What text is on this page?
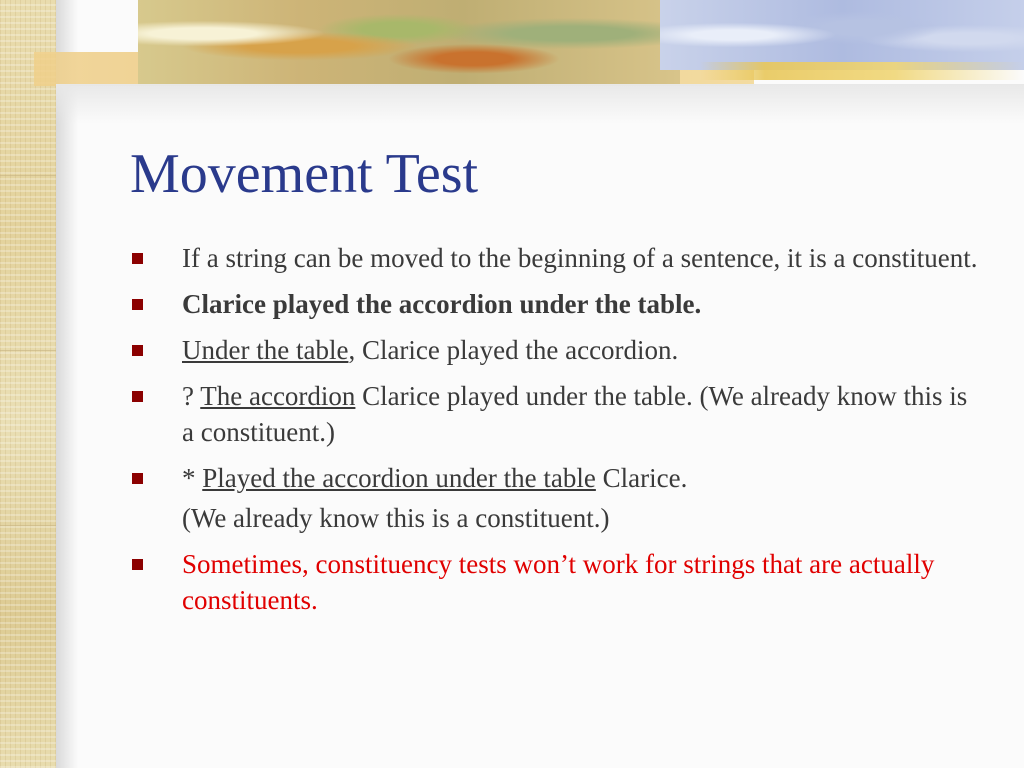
Movement Test
If a string can be moved to the beginning of a sentence, it is a constituent.
Clarice played the accordion under the table.
Under the table, Clarice played the accordion.
? The accordion Clarice played under the table. (We already know this is a constituent.)
* Played the accordion under the table Clarice.
(We already know this is a constituent.)
Sometimes, constituency tests won’t work for strings that are actually constituents.
